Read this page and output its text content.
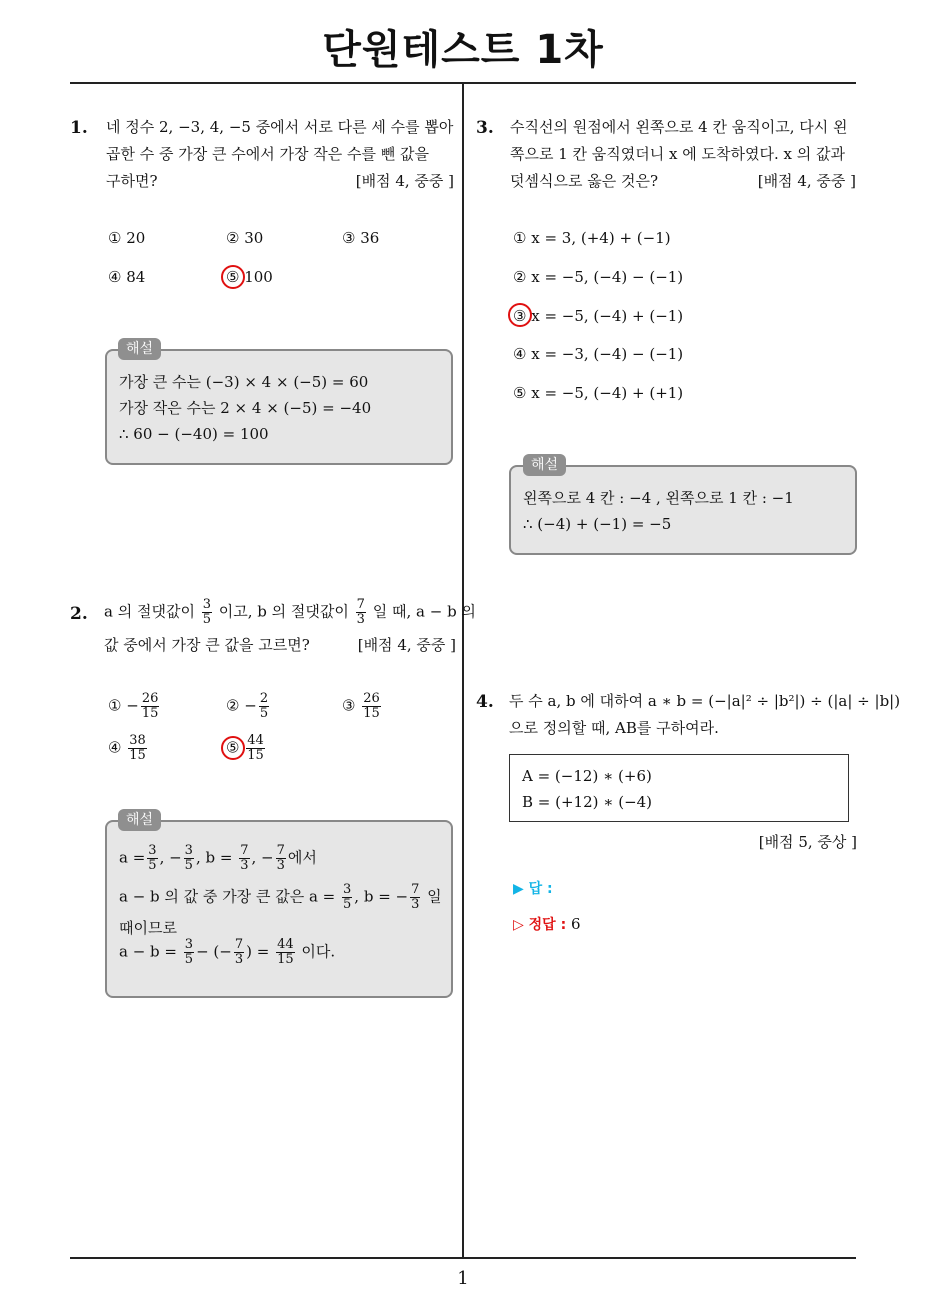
단원테스트 1차
1
1. 네 정수 2, −3, 4, −5 중에서 서로 다른 세 수를 뽑아
곱한 수 중 가장 큰 수에서 가장 작은 수를 뺀 값을
구하면?	[배점 4, 중중 ]
① 20	② 30	③ 36
④ 84	⑤ 100
가장 큰 수는 (−3) × 4 × (−5) = 60
가장 작은 수는 2 × 4 × (−5) = −40
∴ 60 − (−40) = 100
해설
2. a 의 절댓값이 $\frac{3}{5}$ 이고, b 의 절댓값이 $\frac{7}{3}$ 일 때, a − b 의
값 중에서 가장 큰 값을 고르면?	[배점 4, 중중 ]
① − $\frac{26}{15}$	② − $\frac{2}{5}$	③ $\frac{26}{15}$
④ $\frac{38}{15}$	⑤ $\frac{44}{15}$
$a = \frac{3}{5}$ , − $\frac{3}{5}$ , $b = \frac{7}{3}$ , − $\frac{7}{3}$ 에서
a − b 의 값 중 가장 큰 값은 $a = \frac{3}{5}$ , b = − $\frac{7}{3}$ 일
때이므로
$a - b = \frac{3}{5}$ − (− $\frac{7}{3}$ ) = $\frac{44}{15}$ 이다.
해설
3. 수직선의 원점에서 왼쪽으로 4 칸 움직이고, 다시 왼
쪽으로 1 칸 움직였더니 x 에 도착하였다. x 의 값과
덧셈식으로 옳은 것은?	[배점 4, 중중 ]
① x = 3, (+4) + (−1)
② x = −5, (−4) − (−1)
③ x = −5, (−4) + (−1)
④ x = −3, (−4) − (−1)
⑤ x = −5, (−4) + (+1)
왼쪽으로 4 칸 : −4 , 왼쪽으로 1 칸 : −1
∴ (−4) + (−1) = −5
해설
4. 두 수 a, b 에 대하여 a ∗ b = (−|a|² ÷ |b²|) ÷ (|a| ÷ |b|)
으로 정의할 때, AB를 구하여라.
A = (−12) ∗ (+6)
B = (+12) ∗ (−4)
[배점 5, 중상 ]
▶ 답 :
▷ 정답 : 6
